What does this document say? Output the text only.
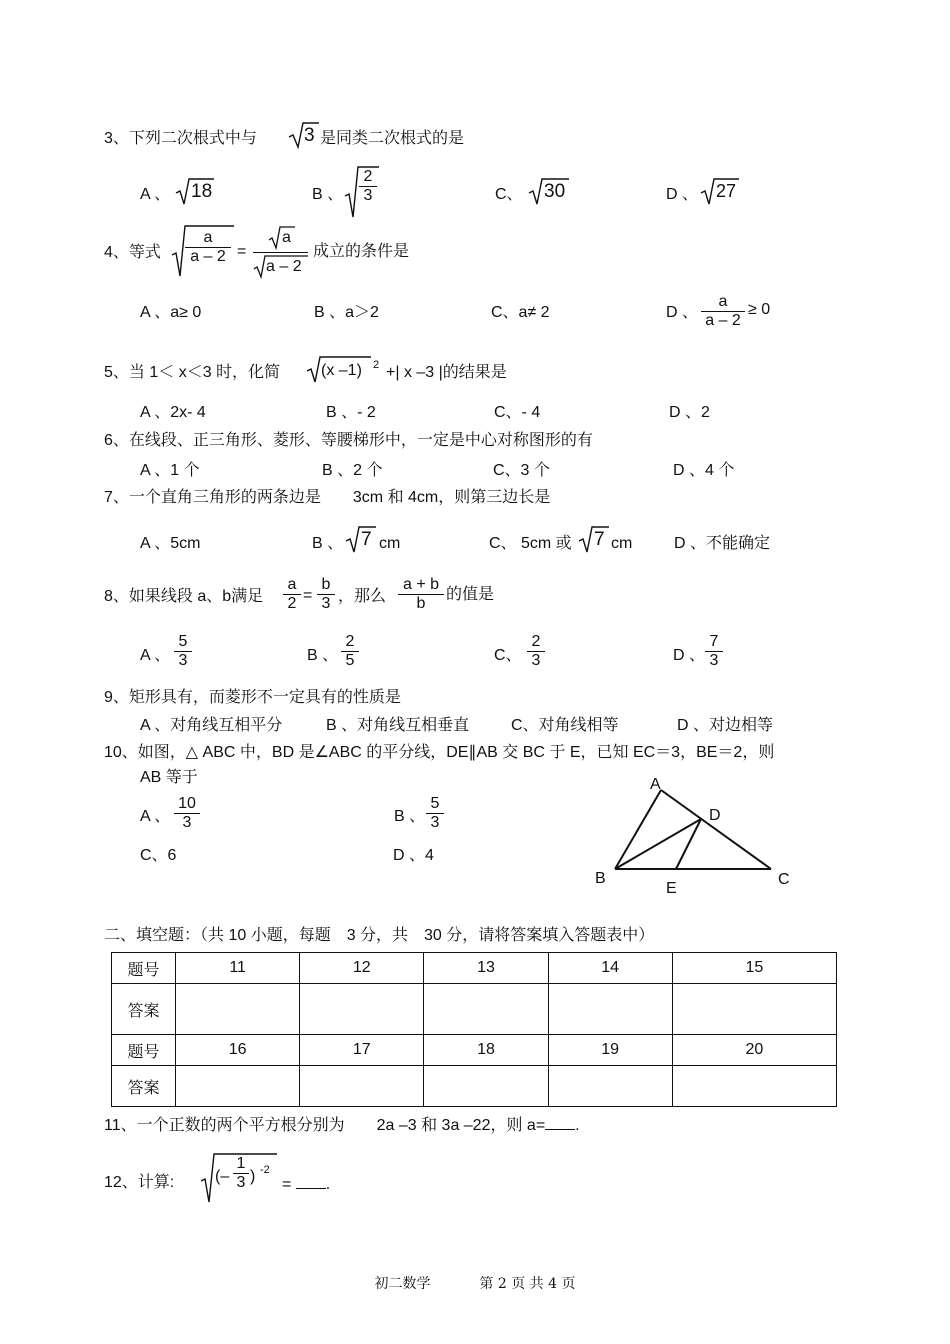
3、下列二次根式中与 3 是同类二次根式的是
A 、 18	B 、 $\frac{2}{3}$	C、 30	D 、 27
4、等式 $\frac{a}{a - 2}$ =
a
a – 2
成立的条件是
A 、a≥ 0	B 、a＞2	C、a≠ 2	D 、 $\frac{a}{a - 2} \ge 0$
5、当 1＜ x＜3 时，化简	(x –1) 2 +| x –3 |的结果是
A 、2x- 4	B 、- 2	C、- 4	D 、2
6、在线段、正三角形、菱形、等腰梯形中，一定是中心对称图形的有
A 、1 个	B 、2 个	C、3 个	D 、4 个
7、一个直角三角形的两条边是　　3cm 和 4cm，则第三边长是
A 、5cm	B 、 7 cm	C、 5cm 或 7 cm	D 、不能确定
8、如果线段 a、b满足 $\frac{a}{2} = \frac{b}{3}$ ，那么 $\frac{a + b}{b}$ 的值是
A 、 $\frac{5}{3}$	B 、 $\frac{2}{5}$	C、 $\frac{2}{3}$	D 、 $\frac{7}{3}$
9、矩形具有，而菱形不一定具有的性质是
A 、对角线互相平分	B 、对角线互相垂直	C、对角线相等	D 、对边相等
10、如图，△ ABC 中，BD 是∠ABC 的平分线，DE∥AB 交 BC 于 E，已知 EC＝3，BE＝2，则
AB 等于
A 、 $\frac{10}{3}$	B 、 $\frac{5}{3}$
C、6	D 、4
A
D
B
E
C
二、填空题：（共 10 小题，每题　3 分，共　30 分，请将答案填入答题表中）
题号	11	12	13	14	15
答案					
题号	16	17	18	19	20
答案					
11、一个正数的两个平方根分别为　　2a –3 和 3a –22，则 a= .
12、计算:	(– $\frac{1}{3}$ ) -2
= .
初二数学	第 2 页 共 4 页
